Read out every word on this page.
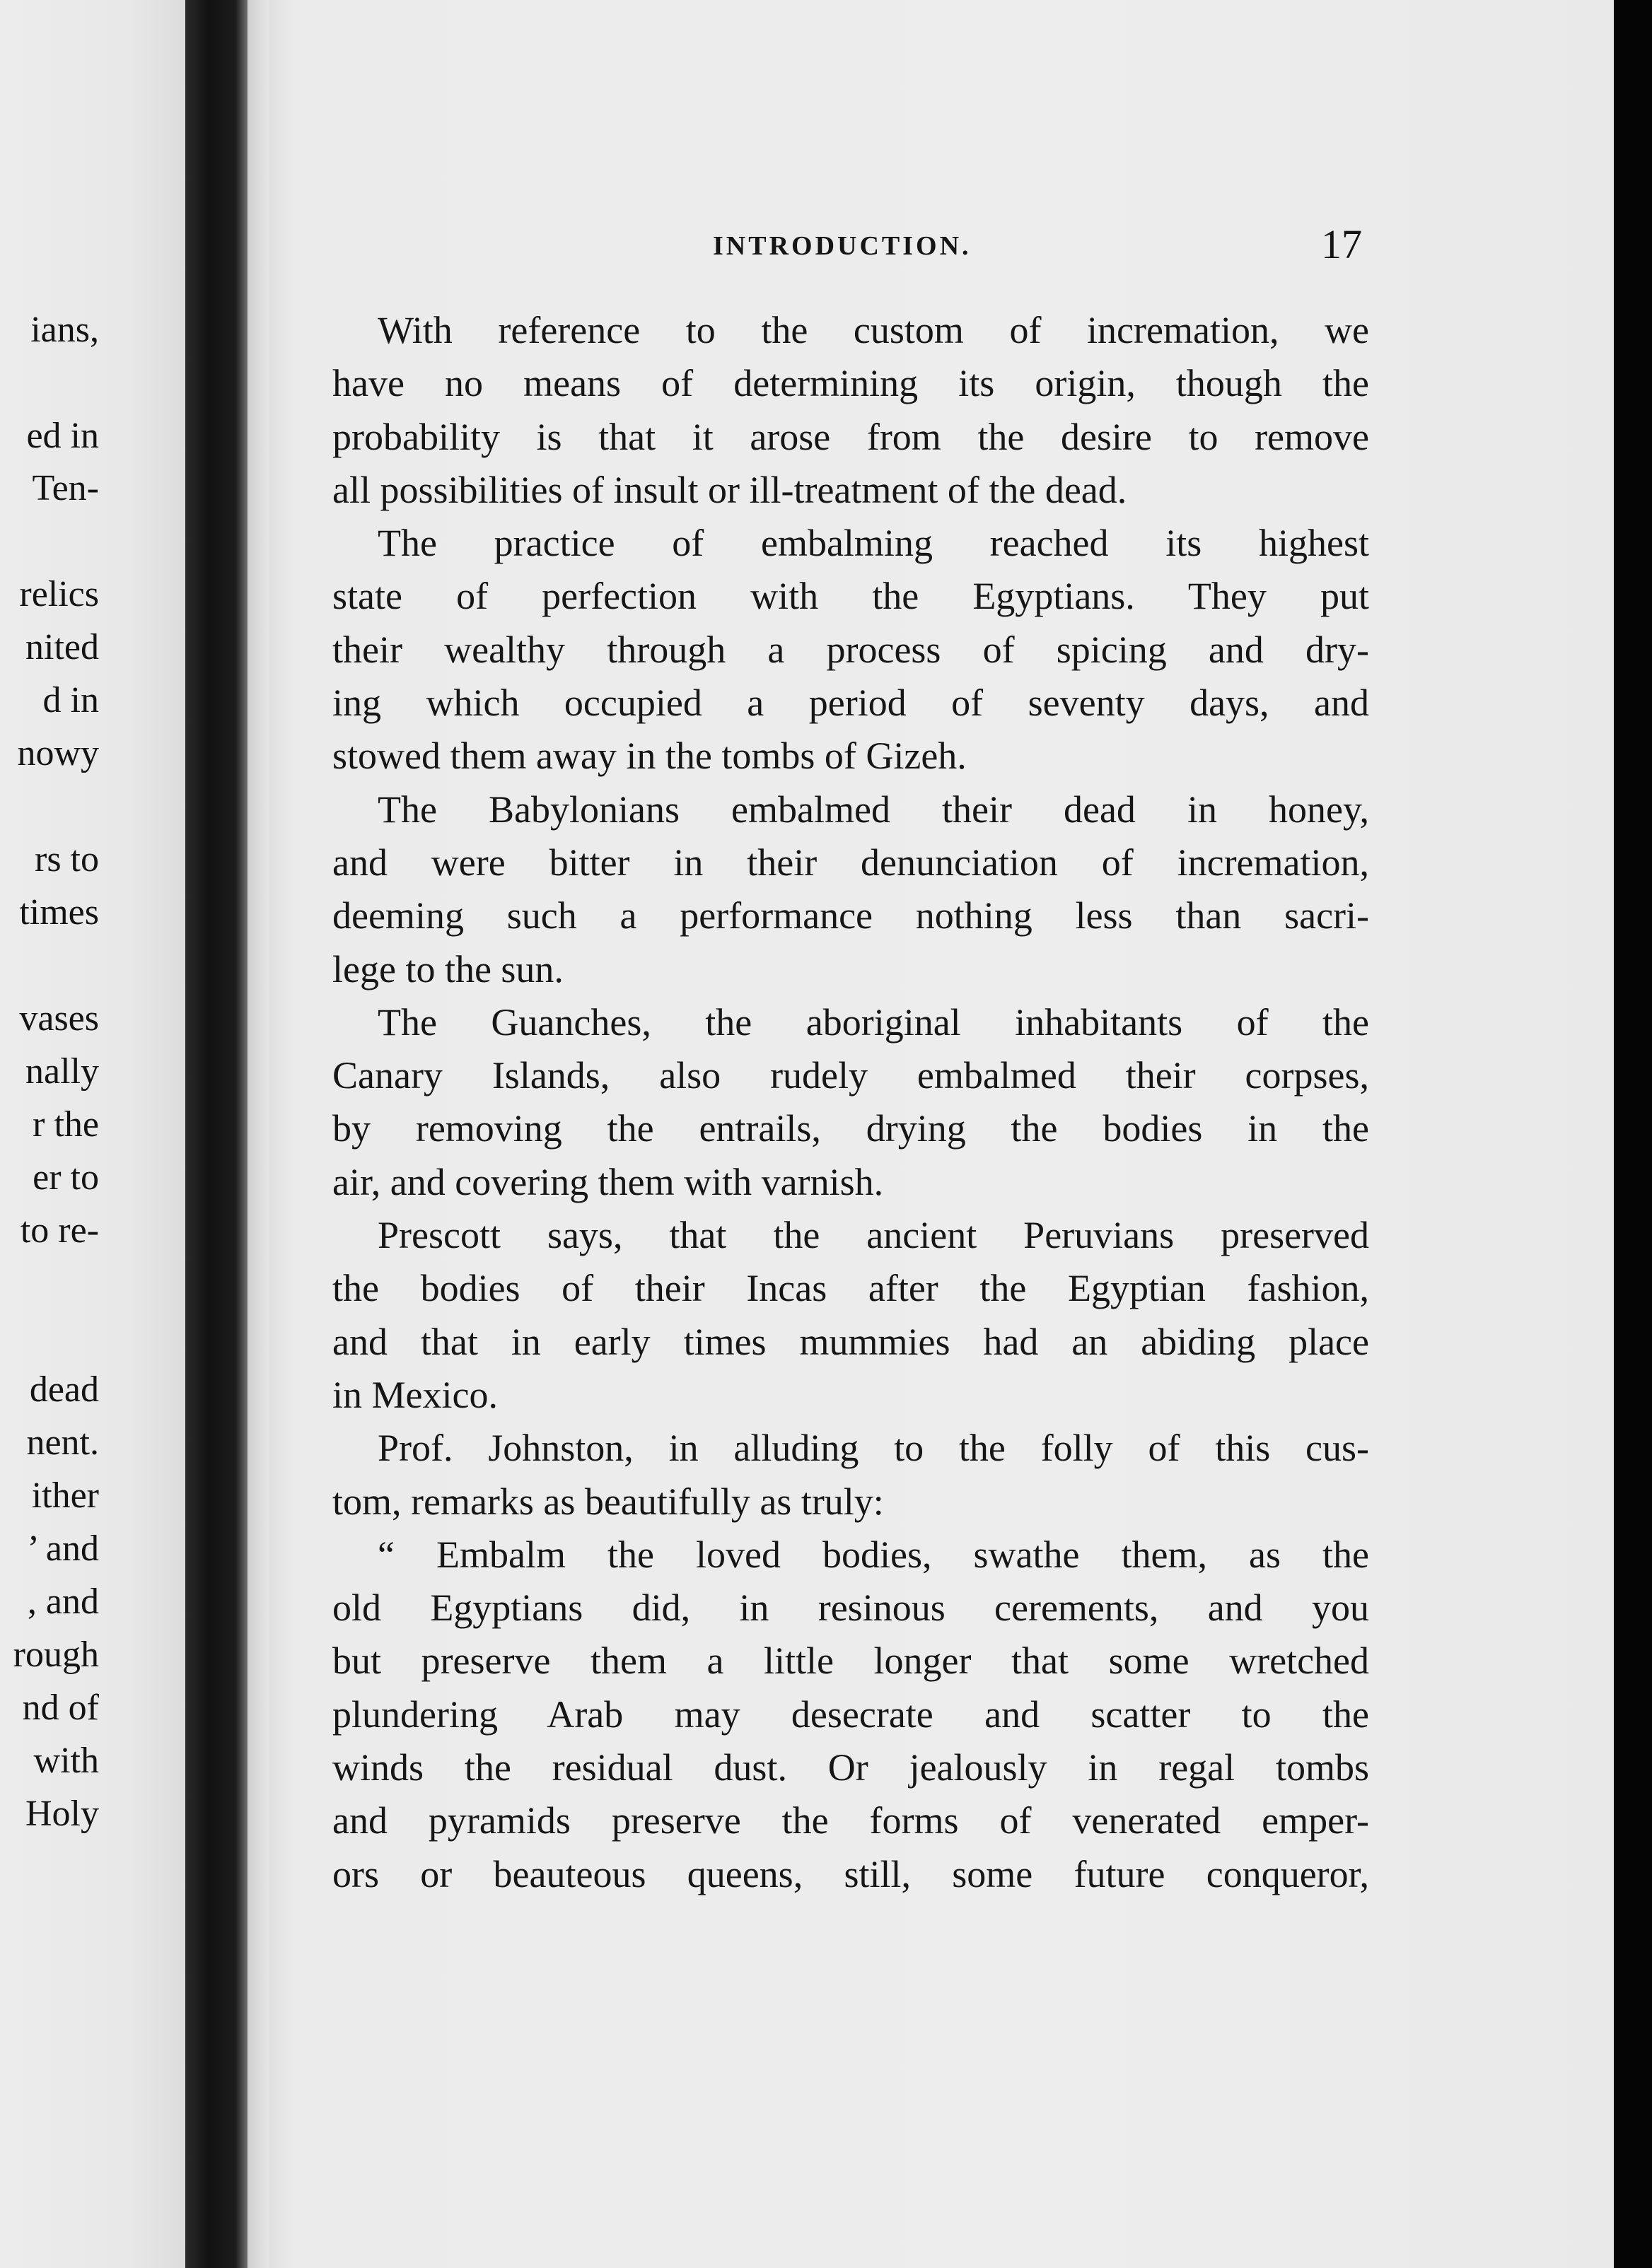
ians,
ed in
Ten-
relics
nited
d in
nowy
rs to
times
vases
nally
r the
er to
to re-
dead
nent.
ither
’ and
, and
rough
nd of
with
Holy
INTRODUCTION.	17
With reference to the custom of incremation, we
have no means of determining its origin, though the
probability is that it arose from the desire to remove
all possibilities of insult or ill-treatment of the dead.
The practice of embalming reached its highest
state of perfection with the Egyptians. They put
their wealthy through a process of spicing and dry-
ing which occupied a period of seventy days, and
stowed them away in the tombs of Gizeh.
The Babylonians embalmed their dead in honey,
and were bitter in their denunciation of incremation,
deeming such a performance nothing less than sacri-
lege to the sun.
The Guanches, the aboriginal inhabitants of the
Canary Islands, also rudely embalmed their corpses,
by removing the entrails, drying the bodies in the
air, and covering them with varnish.
Prescott says, that the ancient Peruvians preserved
the bodies of their Incas after the Egyptian fashion,
and that in early times mummies had an abiding place
in Mexico.
Prof. Johnston, in alluding to the folly of this cus-
tom, remarks as beautifully as truly:
“ Embalm the loved bodies, swathe them, as the
old Egyptians did, in resinous cerements, and you
but preserve them a little longer that some wretched
plundering Arab may desecrate and scatter to the
winds the residual dust. Or jealously in regal tombs
and pyramids preserve the forms of venerated emper-
ors or beauteous queens, still, some future conqueror,
